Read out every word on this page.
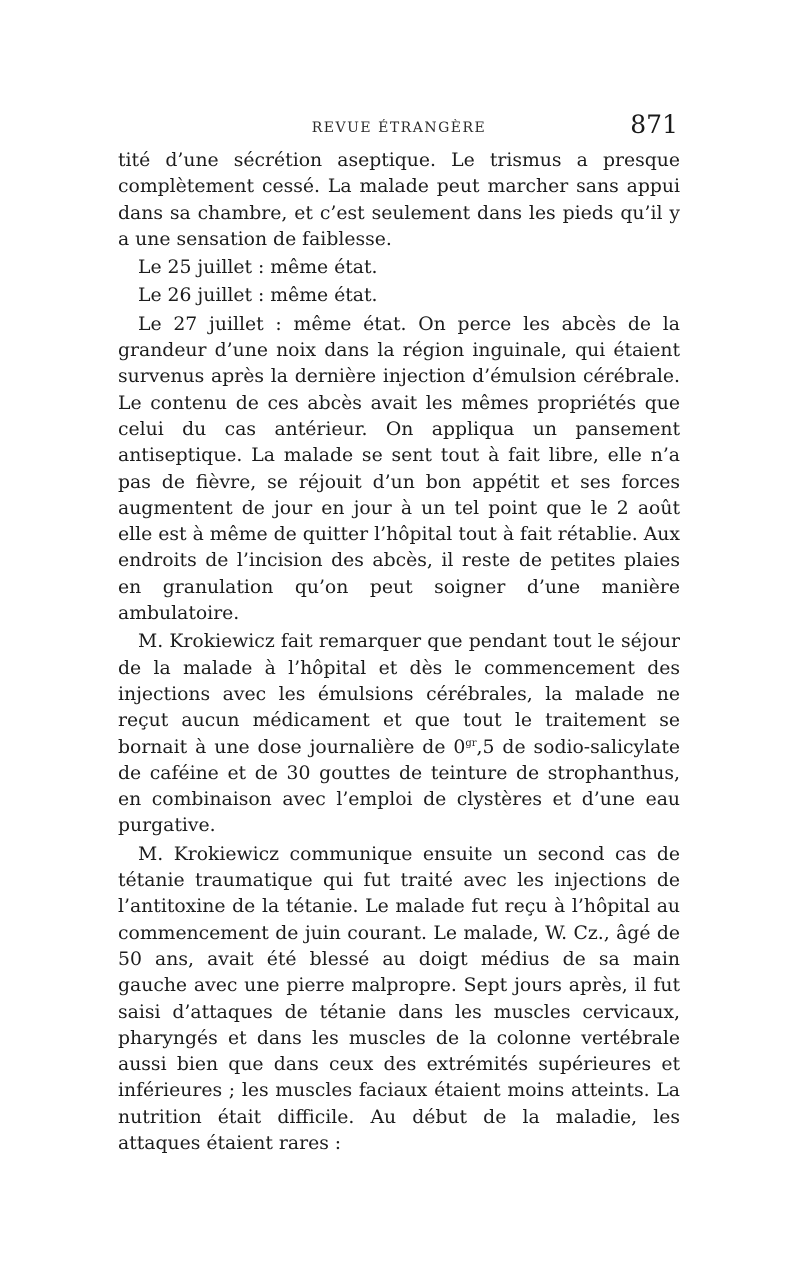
REVUE ÉTRANGÈRE	871

tité d’une sécrétion aseptique. Le trismus a presque complètement cessé. La malade peut marcher sans appui dans sa chambre, et c’est seulement dans les pieds qu’il y a une sensation de faiblesse.

Le 25 juillet : même état.

Le 26 juillet : même état.

Le 27 juillet : même état. On perce les abcès de la grandeur d’une noix dans la région inguinale, qui étaient survenus après la dernière injection d’émulsion cérébrale. Le contenu de ces abcès avait les mêmes propriétés que celui du cas antérieur. On appliqua un pansement antiseptique. La malade se sent tout à fait libre, elle n’a pas de fièvre, se réjouit d’un bon appétit et ses forces augmentent de jour en jour à un tel point que le 2 août elle est à même de quitter l’hôpital tout à fait rétablie. Aux endroits de l’incision des abcès, il reste de petites plaies en granulation qu’on peut soigner d’une manière ambulatoire.

M. Krokiewicz fait remarquer que pendant tout le séjour de la malade à l’hôpital et dès le commencement des injections avec les émulsions cérébrales, la malade ne reçut aucun médicament et que tout le traitement se bornait à une dose journalière de $0^{gr},5$ de sodio-salicylate de caféine et de 30 gouttes de teinture de strophanthus, en combinaison avec l’emploi de clystères et d’une eau purgative.

M. Krokiewicz communique ensuite un second cas de tétanie traumatique qui fut traité avec les injections de l’antitoxine de la tétanie. Le malade fut reçu à l’hôpital au commencement de juin courant. Le malade, W. Cz., âgé de 50 ans, avait été blessé au doigt médius de sa main gauche avec une pierre malpropre. Sept jours après, il fut saisi d’attaques de tétanie dans les muscles cervicaux, pharyngés et dans les muscles de la colonne vertébrale aussi bien que dans ceux des extrémités supérieures et inférieures ; les muscles faciaux étaient moins atteints. La nutrition était difficile. Au début de la maladie, les attaques étaient rares :
